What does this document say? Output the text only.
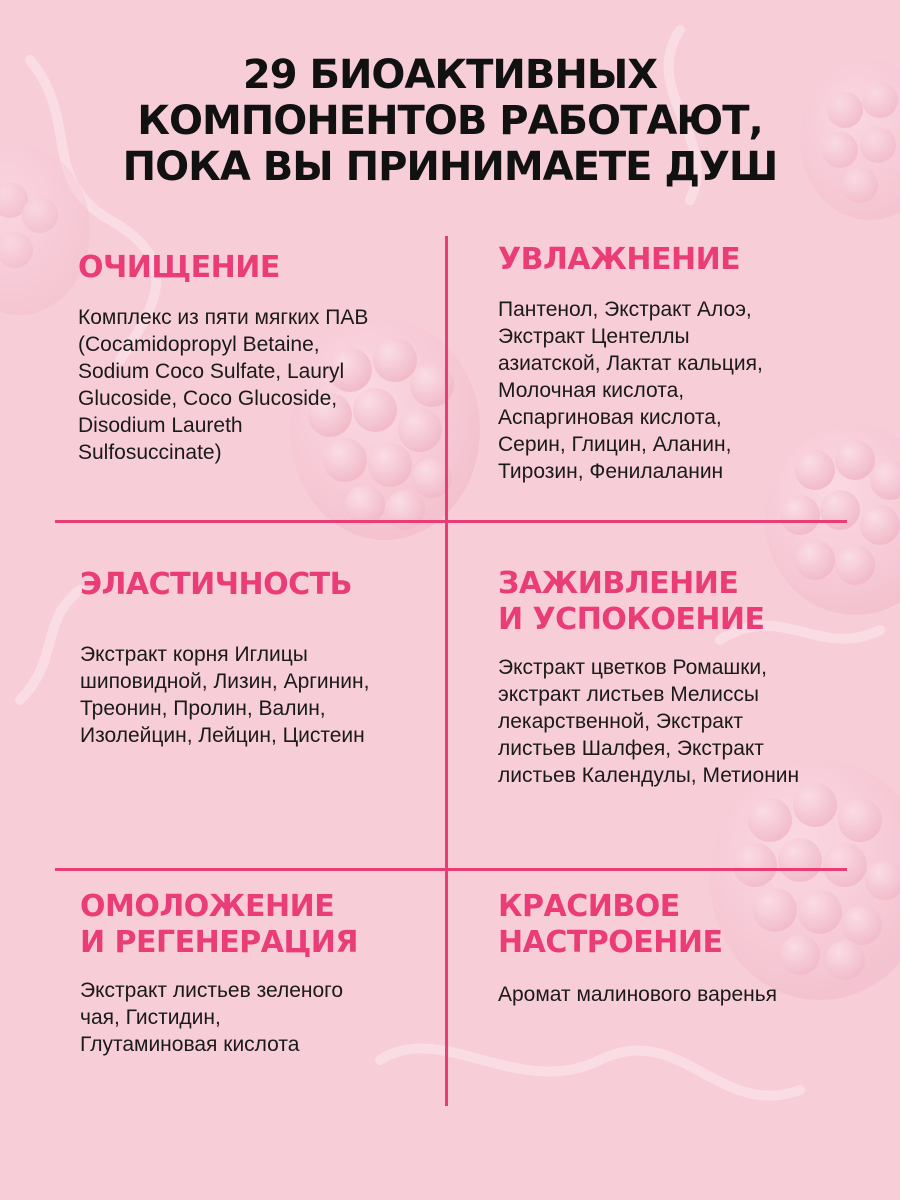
29 БИОАКТИВНЫХ
КОМПОНЕНТОВ РАБОТАЮТ,
ПОКА ВЫ ПРИНИМАЕТЕ ДУШ
ОЧИЩЕНИЕ
Комплекс из пяти мягких ПАВ
(Cocamidopropyl Betaine,
Sodium Coco Sulfate, Lauryl
Glucoside, Coco Glucoside,
Disodium Laureth
Sulfosuccinate)
УВЛАЖНЕНИЕ
Пантенол, Экстракт Алоэ,
Экстракт Центеллы
азиатской, Лактат кальция,
Молочная кислота,
Аспаргиновая кислота,
Серин, Глицин, Аланин,
Тирозин, Фенилаланин
ЭЛАСТИЧНОСТЬ
Экстракт корня Иглицы
шиповидной, Лизин, Аргинин,
Треонин, Пролин, Валин,
Изолейцин, Лейцин, Цистеин
ЗАЖИВЛЕНИЕ
И УСПОКОЕНИЕ
Экстракт цветков Ромашки,
экстракт листьев Мелиссы
лекарственной, Экстракт
листьев Шалфея, Экстракт
листьев Календулы, Метионин
ОМОЛОЖЕНИЕ
И РЕГЕНЕРАЦИЯ
Экстракт листьев зеленого
чая, Гистидин,
Глутаминовая кислота
КРАСИВОЕ
НАСТРОЕНИЕ
Аромат малинового варенья
